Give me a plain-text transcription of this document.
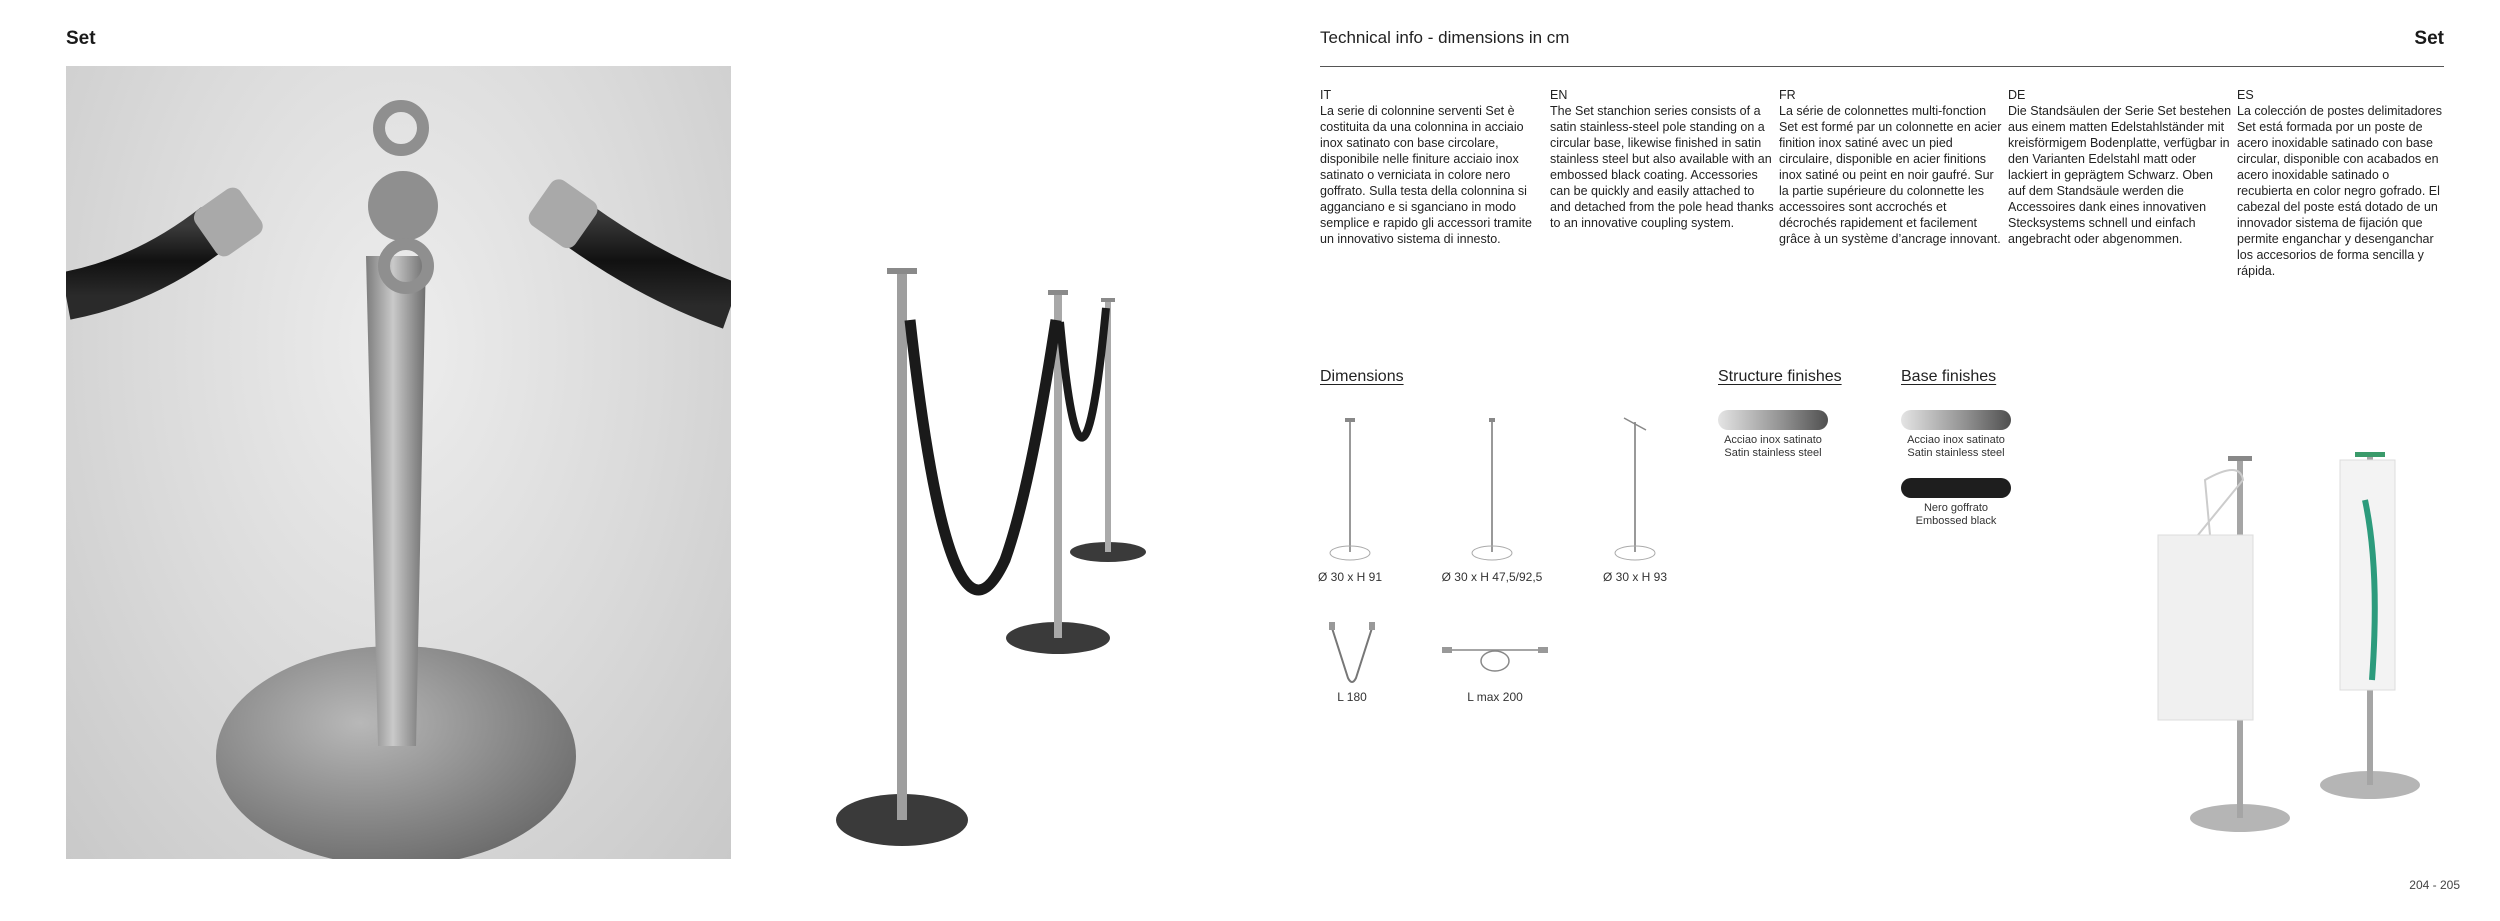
Set	Technical info - dimensions in cm	Set
IT
La serie di colonnine serventi Set è costituita da una colonnina in acciaio inox satinato con base circolare, disponibile nelle finiture acciaio inox satinato o verniciata in colore nero goffrato. Sulla testa della colonnina si agganciano e si sganciano in modo semplice e rapido gli accessori tramite un innovativo sistema di innesto.
EN
The Set stanchion series consists of a satin stainless-steel pole standing on a circular base, likewise finished in satin stainless steel but also available with an embossed black coating. Accessories can be quickly and easily attached to and detached from the pole head thanks to an innovative coupling system.
FR
La série de colonnettes multi-fonction Set est formé par un colonnette en acier finition inox satiné avec un pied circulaire, disponible en acier finitions inox satiné ou peint en noir gaufré. Sur la partie supérieure du colonnette les accessoires sont accrochés et décrochés rapidement et facilement grâce à un système d’ancrage innovant.
DE
Die Standsäulen der Serie Set bestehen aus einem matten Edelstahlständer mit kreisförmigem Bodenplatte, verfügbar in den Varianten Edelstahl matt oder lackiert in geprägtem Schwarz. Oben auf dem Standsäule werden die Accessoires dank eines innovativen Stecksystems schnell und einfach angebracht oder abgenommen.
ES
La colección de postes delimitadores Set está formada por un poste de acero inoxidable satinado con base circular, disponible con acabados en acero inoxidable satinado o recubierta en color negro gofrado. El cabezal del poste está dotado de un innovador sistema de fijación que permite enganchar y desenganchar los accesorios de forma sencilla y rápida.
Dimensions
Ø 30 x H 91	Ø 30 x H 47,5/92,5	Ø 30 x H 93
L 180	L max 200
Structure finishes
Acciao inox satinato
Satin stainless steel
Base finishes
Acciao inox satinato
Satin stainless steel
Nero goffrato
Embossed black
204 - 205
